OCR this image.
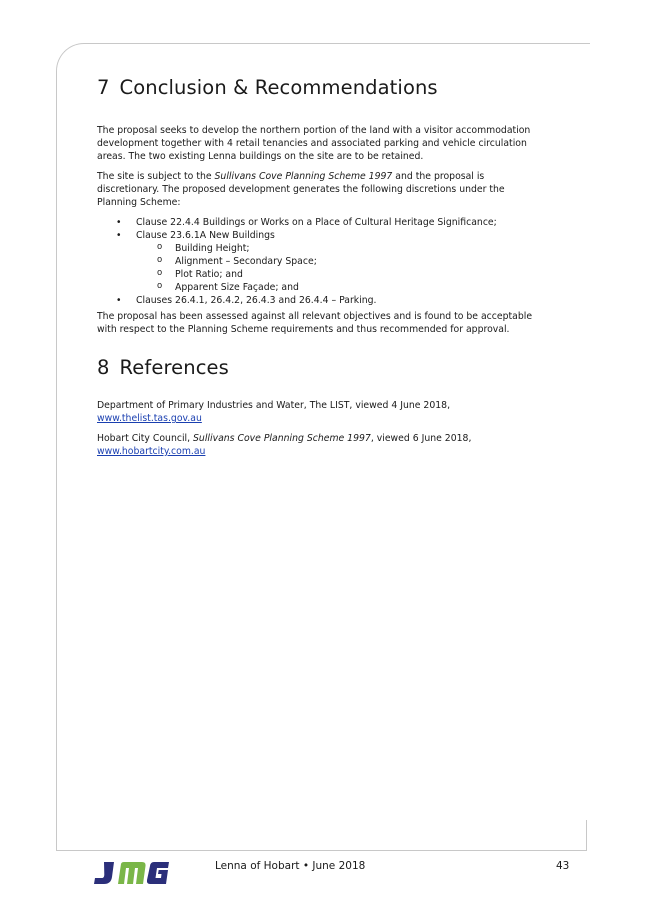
7 Conclusion & Recommendations

The proposal seeks to develop the northern portion of the land with a visitor accommodation development together with 4 retail tenancies and associated parking and vehicle circulation areas. The two existing Lenna buildings on the site are to be retained.

The site is subject to the Sullivans Cove Planning Scheme 1997 and the proposal is discretionary. The proposed development generates the following discretions under the Planning Scheme:

• Clause 22.4.4 Buildings or Works on a Place of Cultural Heritage Significance;
• Clause 23.6.1A New Buildings
o Building Height;
o Alignment – Secondary Space;
o Plot Ratio; and
o Apparent Size Façade; and
• Clauses 26.4.1, 26.4.2, 26.4.3 and 26.4.4 – Parking.

The proposal has been assessed against all relevant objectives and is found to be acceptable with respect to the Planning Scheme requirements and thus recommended for approval.

8 References

Department of Primary Industries and Water, The LIST, viewed 4 June 2018,
www.thelist.tas.gov.au

Hobart City Council, Sullivans Cove Planning Scheme 1997, viewed 6 June 2018,
www.hobartcity.com.au

Lenna of Hobart • June 2018	43
